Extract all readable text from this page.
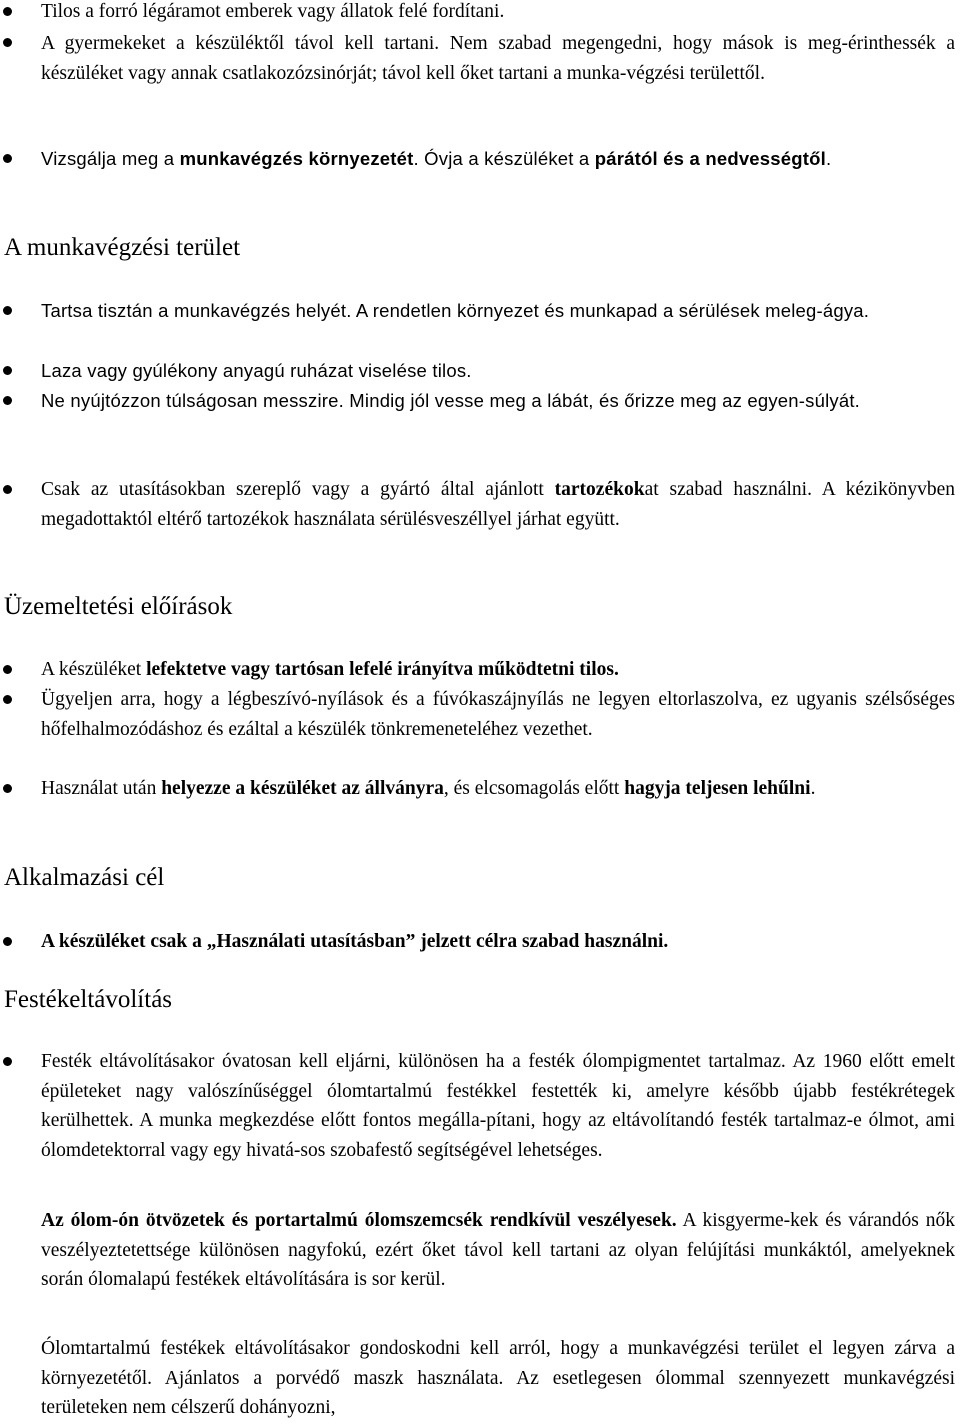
Tilos a forró légáramot emberek vagy állatok felé fordítani.
A gyermekeket a készüléktől távol kell tartani. Nem szabad megengedni, hogy mások is meg-érinthessék a készüléket vagy annak csatlakozózsinórját; távol kell őket tartani a munka-végzési területtől.
Vizsgálja meg a munkavégzés környezetét. Óvja a készüléket a párától és a nedvességtől.
A munkavégzési terület
Tartsa tisztán a munkavégzés helyét. A rendetlen környezet és munkapad a sérülések meleg-ágya.
Laza vagy gyúlékony anyagú ruházat viselése tilos.
Ne nyújtózzon túlságosan messzire. Mindig jól vesse meg a lábát, és őrizze meg az egyen-súlyát.
Csak az utasításokban szereplő vagy a gyártó által ajánlott tartozékokat szabad használni. A kézikönyvben megadottaktól eltérő tartozékok használata sérülésveszéllyel járhat együtt.
Üzemeltetési előírások
A készüléket lefektetve vagy tartósan lefelé irányítva működtetni tilos.
Ügyeljen arra, hogy a légbeszívó-nyílások és a fúvókaszájnyílás ne legyen eltorlaszolva, ez ugyanis szélsőséges hőfelhalmozódáshoz és ezáltal a készülék tönkremeneteléhez vezethet.
Használat után helyezze a készüléket az állványra, és elcsomagolás előtt hagyja teljesen lehűlni.
Alkalmazási cél
A készüléket csak a „Használati utasításban” jelzett célra szabad használni.
Festékeltávolítás
Festék eltávolításakor óvatosan kell eljárni, különösen ha a festék ólompigmentet tartalmaz. Az 1960 előtt emelt épületeket nagy valószínűséggel ólomtartalmú festékkel festették ki, amelyre később újabb festékrétegek kerülhettek. A munka megkezdése előtt fontos megálla-pítani, hogy az eltávolítandó festék tartalmaz-e ólmot, ami ólomdetektorral vagy egy hivatá-sos szobafestő segítségével lehetséges.
Az ólom-ón ötvözetek és portartalmú ólomszemcsék rendkívül veszélyesek. A kisgyerme-kek és várandós nők veszélyeztetettsége különösen nagyfokú, ezért őket távol kell tartani az olyan felújítási munkáktól, amelyeknek során ólomalapú festékek eltávolítására is sor kerül.
Ólomtartalmú festékek eltávolításakor gondoskodni kell arról, hogy a munkavégzési terület el legyen zárva a környezetétől. Ajánlatos a porvédő maszk használata. Az esetlegesen ólommal szennyezett munkavégzési területeken nem célszerű dohányozni,
